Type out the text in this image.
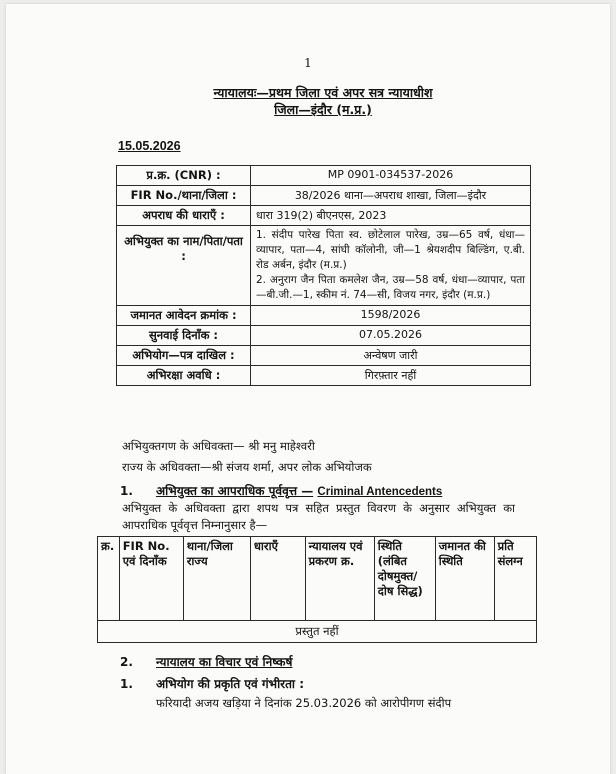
1
न्यायालयः—प्रथम जिला एवं अपर सत्र न्यायाधीश
जिला—इंदौर (म.प्र.)
15.05.2026
प्र.क्र. (CNR) :	MP 0901-034537-2026
FIR No./थाना/जिला :	38/2026 थाना—अपराध शाखा, जिला—इंदौर
अपराध की धाराएँ :	धारा 319(2) बीएनएस, 2023
अभियुक्त का नाम/पिता/पता :	1. संदीप पारेख पिता स्व. छोटेलाल पारेख, उम्र—65 वर्ष, धंधा—व्यापार, पता—4, सांघी कॉलोनी, जी—1 श्रेयशदीप बिल्डिंग, ए.बी. रोड अर्बन, इंदौर (म.प्र.)
2. अनुराग जैन पिता कमलेश जैन, उम्र—58 वर्ष, धंधा—व्यापार, पता—बी.जी.—1, स्कीम नं. 74—सी, विजय नगर, इंदौर (म.प्र.)

जमानत आवेदन क्रमांक :	1598/2026
सुनवाई दिनाँक :	07.05.2026
अभियोग—पत्र दाखिल :	अन्वेषण जारी
अभिरक्षा अवधि :	गिरफ़्तार नहीं
अभियुक्तगण के अधिवक्ता— श्री मनु माहेश्वरी
राज्य के अधिवक्ता—श्री संजय शर्मा, अपर लोक अभियोजक
1. अभियुक्त का आपराधिक पूर्ववृत्त — Criminal Antencedents
अभियुक्त के अधिवक्ता द्वारा शपथ पत्र सहित प्रस्तुत विवरण के अनुसार अभियुक्त का आपराधिक पूर्ववृत्त निम्नानुसार है—
क्र.	FIR No. एवं दिनाँक	थाना/जिला राज्य	धाराएँ	न्यायालय एवं प्रकरण क्र.	स्थिति (लंबित दोषमुक्त/दोष सिद्ध)	जमानत की स्थिति	प्रति संलग्न
प्रस्तुत नहीं
2. न्यायालय का विचार एवं निष्कर्ष
1. अभियोग की प्रकृति एवं गंभीरता :
फरियादी अजय खड़िया ने दिनांक 25.03.2026 को आरोपीगण संदीप
